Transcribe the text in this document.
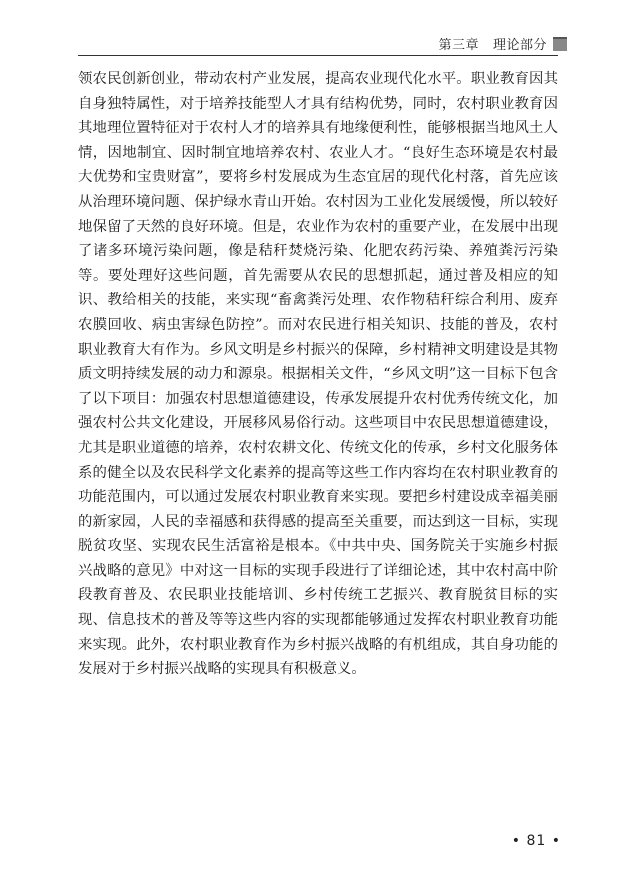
第三章 理论部分

领农民创新创业，带动农村产业发展，提高农业现代化水平。职业教育因其自身独特属性，对于培养技能型人才具有结构优势，同时，农村职业教育因其地理位置特征对于农村人才的培养具有地缘便利性，能够根据当地风土人情，因地制宜、因时制宜地培养农村、农业人才。“良好生态环境是农村最大优势和宝贵财富”，要将乡村发展成为生态宜居的现代化村落，首先应该从治理环境问题、保护绿水青山开始。农村因为工业化发展缓慢，所以较好地保留了天然的良好环境。但是，农业作为农村的重要产业，在发展中出现了诸多环境污染问题，像是秸秆焚烧污染、化肥农药污染、养殖粪污污染等。要处理好这些问题，首先需要从农民的思想抓起，通过普及相应的知识、教给相关的技能，来实现“畜禽粪污处理、农作物秸秆综合利用、废弃农膜回收、病虫害绿色防控”。而对农民进行相关知识、技能的普及，农村职业教育大有作为。乡风文明是乡村振兴的保障，乡村精神文明建设是其物质文明持续发展的动力和源泉。根据相关文件，“乡风文明”这一目标下包含了以下项目：加强农村思想道德建设，传承发展提升农村优秀传统文化，加强农村公共文化建设，开展移风易俗行动。这些项目中农民思想道德建设，尤其是职业道德的培养，农村农耕文化、传统文化的传承，乡村文化服务体系的健全以及农民科学文化素养的提高等这些工作内容均在农村职业教育的功能范围内，可以通过发展农村职业教育来实现。要把乡村建设成幸福美丽的新家园，人民的幸福感和获得感的提高至关重要，而达到这一目标，实现脱贫攻坚、实现农民生活富裕是根本。《中共中央、国务院关于实施乡村振兴战略的意见》中对这一目标的实现手段进行了详细论述，其中农村高中阶段教育普及、农民职业技能培训、乡村传统工艺振兴、教育脱贫目标的实现、信息技术的普及等等这些内容的实现都能够通过发挥农村职业教育功能来实现。此外，农村职业教育作为乡村振兴战略的有机组成，其自身功能的发展对于乡村振兴战略的实现具有积极意义。

• 81 •
